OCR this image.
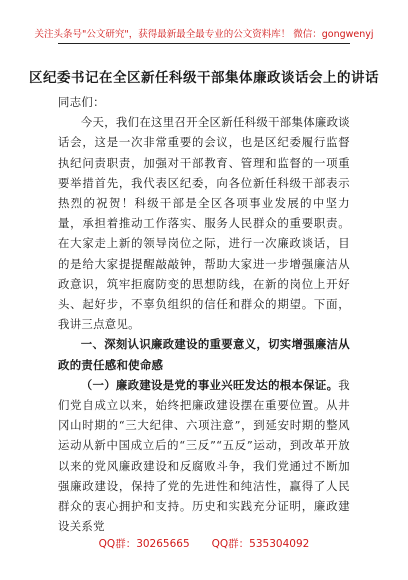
关注头条号"公文研究"，获得最新最全最专业的公文资料库！ 微信：gongwenyj
区纪委书记在全区新任科级干部集体廉政谈话会上的讲话

同志们：

今天，我们在这里召开全区新任科级干部集体廉政谈话会，这是一次非常重要的会议，也是区纪委履行监督执纪问责职责，加强对干部教育、管理和监督的一项重要举措首先，我代表区纪委，向各位新任科级干部表示热烈的祝贺！科级干部是全区各项事业发展的中坚力量，承担着推动工作落实、服务人民群众的重要职责。在大家走上新的领导岗位之际，进行一次廉政谈话，目的是给大家提提醒敲敲钟，帮助大家进一步增强廉洁从政意识，筑牢拒腐防变的思想防线，在新的岗位上开好头、起好步，不辜负组织的信任和群众的期望。下面，我讲三点意见。

一、深刻认识廉政建设的重要意义，切实增强廉洁从政的责任感和使命感

（一）廉政建设是党的事业兴旺发达的根本保证。我们党自成立以来，始终把廉政建设摆在重要位置。从井冈山时期的“三大纪律、六项注意”，到延安时期的整风运动从新中国成立后的“三反”“五反”运动，到改革开放以来的党风廉政建设和反腐败斗争，我们党通过不断加强廉政建设，保持了党的先进性和纯洁性，赢得了人民群众的衷心拥护和支持。历史和实践充分证明，廉政建设关系党

QQ群：30265665 QQ群：535304092
